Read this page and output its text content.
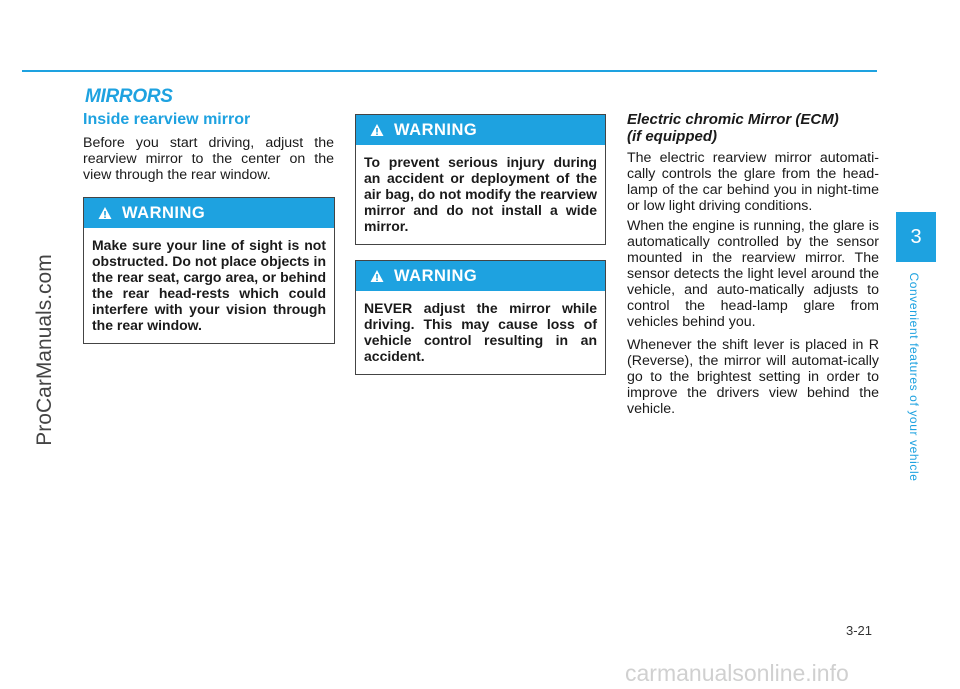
MIRRORS
Inside rearview mirror
Before you start driving, adjust the rearview mirror to the center on the view through the rear window.
WARNING
Make sure your line of sight is not obstructed. Do not place objects in the rear seat, cargo area, or behind the rear head-rests which could interfere with your vision through the rear window.
WARNING
To prevent serious injury during an accident or deployment of the air bag, do not modify the rearview mirror and do not install a wide mirror.
WARNING
NEVER adjust the mirror while driving. This may cause loss of vehicle control resulting in an accident.
Electric chromic Mirror (ECM)
(if equipped)
The electric rearview mirror automati-cally controls the glare from the head-lamp of the car behind you in night-time or low light driving conditions.
When the engine is running, the glare is automatically controlled by the sensor mounted in the rearview mirror. The sensor detects the light level around the vehicle, and auto-matically adjusts to control the head-lamp glare from vehicles behind you.
Whenever the shift lever is placed in R (Reverse), the mirror will automat-ically go to the brightest setting in order to improve the drivers view behind the vehicle.
3
Convenient features of your vehicle
ProCarManuals.com
3-21
carmanualsonline.info
